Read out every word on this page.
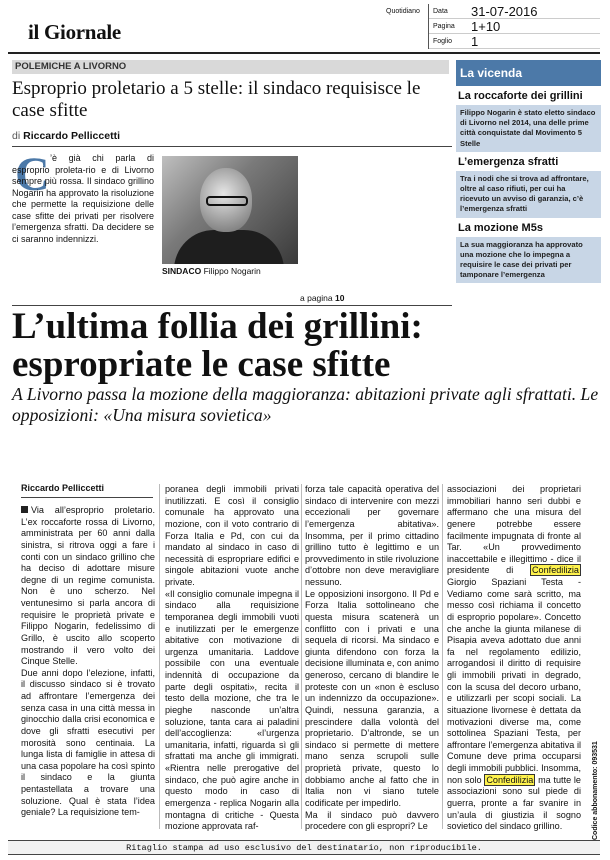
il Giornale
Quotidiano	Data	31-07-2016
Pagina	1+10
Foglio	1
POLEMICHE A LIVORNO
Esproprio proletario a 5 stelle: il sindaco requisisce le case sfitte
di Riccardo Pelliccetti
C ’è già chi parla di esproprio proleta-rio e di Livorno sempre più rossa. Il sindaco grillino Nogarin ha approvato la risoluzione che permette la requisizione delle case sfitte dei privati per risolvere l’emergenza sfratti. Da decidere se ci saranno indennizzi.
SINDACO Filippo Nogarin
a pagina 10
La vicenda
La roccaforte dei grillini
Filippo Nogarin è stato eletto sindaco di Livorno nel 2014, una delle prime città conquistate dal Movimento 5 Stelle
L’emergenza sfratti
Tra i nodi che si trova ad affrontare, oltre al caso rifiuti, per cui ha ricevuto un avviso di garanzia, c’è l’emergenza sfratti
La mozione M5s
La sua maggioranza ha approvato una mozione che lo impegna a requisire le case dei privati per tamponare l’emergenza
L’ultima follia dei grillini: espropriate le case sfitte
A Livorno passa la mozione della maggioranza: abitazioni private agli sfrattati. Le opposizioni: «Una misura sovietica»
Riccardo Pelliccetti
Via all’esproprio proletario. L’ex roccaforte rossa di Livorno, amministrata per 60 anni dalla sinistra, si ritrova oggi a fare i conti con un sindaco grillino che ha deciso di adottare misure degne di un regime comunista. Non è uno scherzo. Nel ventunesimo si parla ancora di requisire le proprietà private e Filippo Nogarin, fedelissimo di Grillo, è uscito allo scoperto mostrando il vero volto dei Cinque Stelle.
Due anni dopo l’elezione, infatti, il discusso sindaco si è trovato ad affrontare l’emergenza dei senza casa in una città messa in ginocchio dalla crisi economica e dove gli sfratti esecutivi per morosità sono centinaia. La lunga lista di famiglie in attesa di una casa popolare ha così spinto il sindaco e la giunta pentastellata a trovare una soluzione. Qual è stata l’idea geniale? La requisizione tem-
poranea degli immobili privati inutilizzati. E così il consiglio comunale ha approvato una mozione, con il voto contrario di Forza Italia e Pd, con cui da mandato al sindaco in caso di necessità di espropriare edifici e singole abitazioni vuote anche private.
«Il consiglio comunale impegna il sindaco alla requisizione temporanea degli immobili vuoti e inutilizzati per le emergenze abitative con motivazione di urgenza umanitaria. Laddove possibile con una eventuale indennità di occupazione da parte degli ospitati», recita il testo della mozione, che tra le pieghe nasconde un’altra soluzione, tanta cara ai paladini dell’accoglienza: «l’urgenza umanitaria, infatti, riguarda sì gli sfrattati ma anche gli immigrati. «Rientra nelle prerogative del sindaco, che può agire anche in questo modo in caso di emergenza - replica Nogarin alla montagna di critiche - Questa mozione approvata raf-
forza tale capacità operativa del sindaco di intervenire con mezzi eccezionali per governare l’emergenza abitativa». Insomma, per il primo cittadino grillino tutto è legittimo e un provvedimento in stile rivoluzione d’ottobre non deve meravigliare nessuno.
Le opposizioni insorgono. Il Pd e Forza Italia sottolineano che questa misura scatenerà un conflitto con i privati e una sequela di ricorsi. Ma sindaco e giunta difendono con forza la decisione illuminata e, con animo generoso, cercano di blandire le proteste con un «non è escluso un indennizzo da occupazione». Quindi, nessuna garanzia, a prescindere dalla volontà del proprietario. D’altronde, se un sindaco si permette di mettere mano senza scrupoli sulle proprietà private, questo lo dobbiamo anche al fatto che in Italia non vi siano tutele codificate per impedirlo.
Ma il sindaco può davvero procedere con gli espropri? Le
associazioni dei proprietari immobiliari hanno seri dubbi e affermano che una misura del genere potrebbe essere facilmente impugnata di fronte al Tar. «Un provvedimento inaccettabile e illegittimo - dice il presidente di Confedilizia Giorgio Spaziani Testa - Vediamo come sarà scritto, ma messo così richiama il concetto di esproprio popolare». Concetto che anche la giunta milanese di Pisapia aveva adottato due anni fa nel regolamento edilizio, arrogandosi il diritto di requisire gli immobili privati in degrado, con la scusa del decoro urbano, e utilizzarli per scopi sociali. La situazione livornese è dettata da motivazioni diverse ma, come sottolinea Spaziani Testa, per affrontare l’emergenza abitativa il Comune deve prima occuparsi degli immobili pubblici. Insomma, non solo Confedilizia ma tutte le associazioni sono sul piede di guerra, pronte a far svanire in un’aula di giustizia il sogno sovietico del sindaco grillino.	Codice abbonamento: 093531
Ritaglio stampa ad uso esclusivo del destinatario, non riproducibile.
